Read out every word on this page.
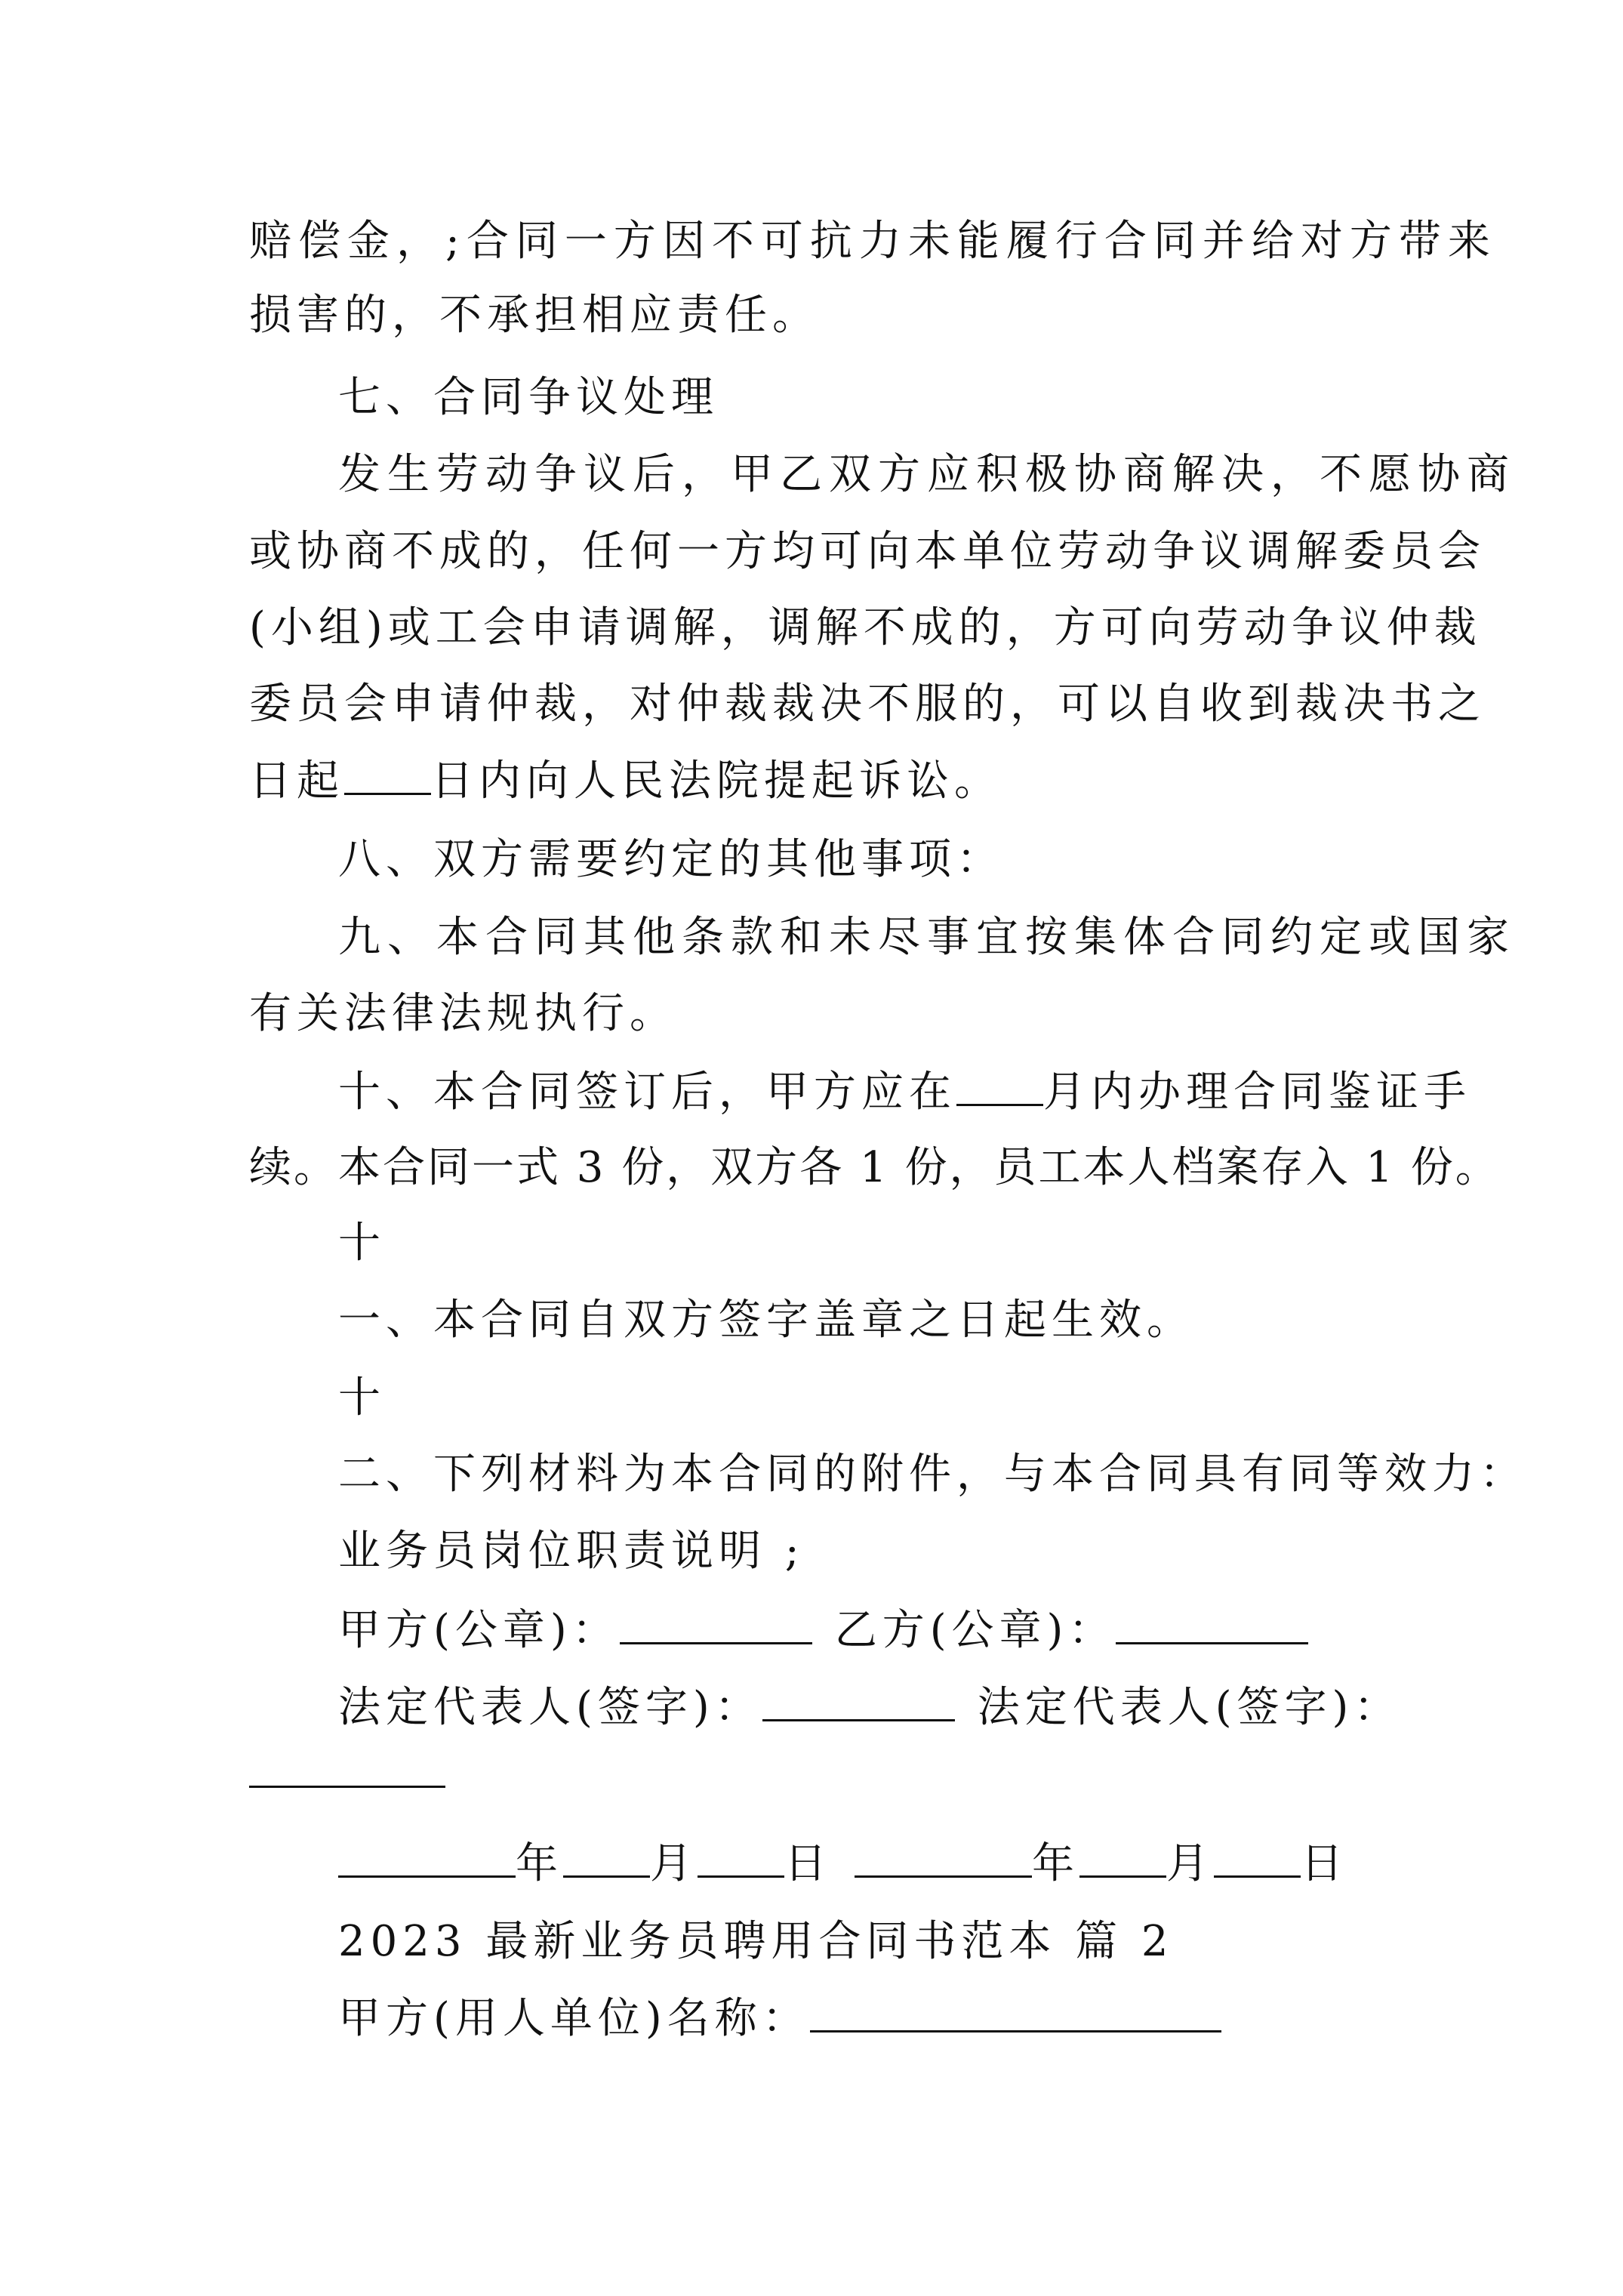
赔偿金，;合同一方因不可抗力未能履行合同并给对方带来
损害的，不承担相应责任。
七、合同争议处理
发生劳动争议后，甲乙双方应积极协商解决，不愿协商
或协商不成的，任何一方均可向本单位劳动争议调解委员会
(小组)或工会申请调解，调解不成的，方可向劳动争议仲裁
委员会申请仲裁，对仲裁裁决不服的，可以自收到裁决书之
日起 日内向人民法院提起诉讼。
八、双方需要约定的其他事项：
九、本合同其他条款和未尽事宜按集体合同约定或国家
有关法律法规执行。
十、本合同签订后，甲方应在 月内办理合同鉴证手
续。本合同一式 3 份，双方各 1 份，员工本人档案存入 1 份。
十
一、本合同自双方签字盖章之日起生效。
十
二、下列材料为本合同的附件，与本合同具有同等效力：
业务员岗位职责说明 ;
甲方(公章)：	乙方(公章)：
法定代表人(签字)：	法定代表人(签字)：
年 月 日	年 月 日
2023 最新业务员聘用合同书范本 篇 2
甲方(用人单位)名称：
